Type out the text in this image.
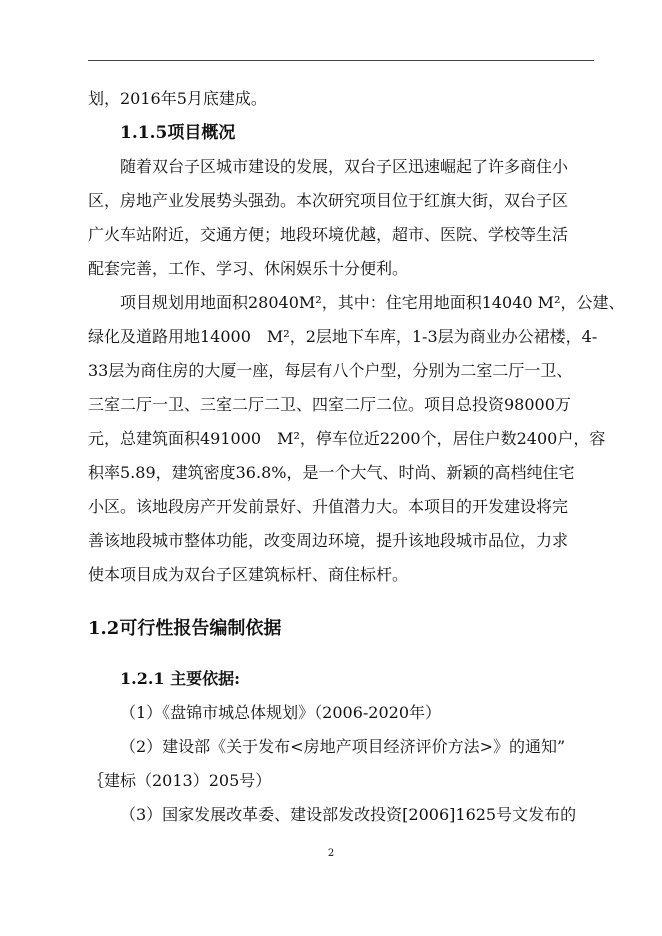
划，2016年5月底建成。
1.1.5项目概况
随着双台子区城市建设的发展，双台子区迅速崛起了许多商住小
区，房地产业发展势头强劲。本次研究项目位于红旗大街，双台子区
广火车站附近，交通方便；地段环境优越，超市、医院、学校等生活
配套完善，工作、学习、休闲娱乐十分便利。
项目规划用地面积28040M²，其中：住宅用地面积14040 M²，公建、
绿化及道路用地14000　M²，2层地下车库，1-3层为商业办公裙楼，4-
33层为商住房的大厦一座，每层有八个户型，分别为二室二厅一卫、
三室二厅一卫、三室二厅二卫、四室二厅二位。项目总投资98000万
元，总建筑面积491000　M²，停车位近2200个，居住户数2400户，容
积率5.89，建筑密度36.8%，是一个大气、时尚、新颖的高档纯住宅
小区。该地段房产开发前景好、升值潜力大。本项目的开发建设将完
善该地段城市整体功能，改变周边环境，提升该地段城市品位，力求
使本项目成为双台子区建筑标杆、商住标杆。
1.2可行性报告编制依据
1.2.1 主要依据:
（1）《盘锦市城总体规划》（2006-2020年）
（2）建设部《关于发布<房地产项目经济评价方法>》的通知”
｛建标（2013）205号）
（3）国家发展改革委、建设部发改投资[2006]1625号文发布的
2
